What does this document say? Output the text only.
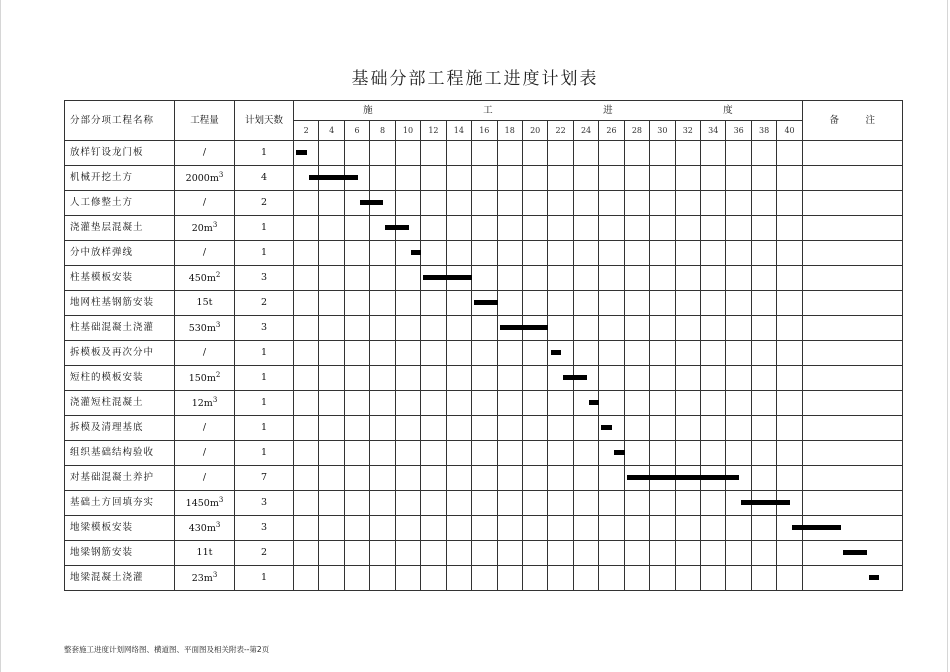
基础分部工程施工进度计划表
分部分项工程名称	工程量	计划天数	施 工 进 度																				备 注
			2	4	6	8	10	12	14	16	18	20	22	24	26	28	30	32	34	36	38	40	
放样钉设龙门板	/	1	

机械开挖土方	$2000m^3$	4	

人工修整土方	/	2	

浇灌垫层混凝土	$20m^3$	1	

分中放样弹线	/	1	

柱基模板安装	$450m^2$	3	

地网柱基钢筋安装	15t	2	

柱基础混凝土浇灌	$530m^3$	3	

拆模板及再次分中	/	1	

短柱的模板安装	$150m^2$	1	

浇灌短柱混凝土	$12m^3$	1	

拆模及清理基底	/	1	

组织基础结构验收	/	1	

对基础混凝土养护	/	7	

基础土方回填夯实	$1450m^3$	3	

地梁模板安装	$430m^3$	3	

地梁钢筋安装	11t	2	

地梁混凝土浇灌	$23m^3$	1	

整套施工进度计划网络图、横道图、平面图及相关附表--第2页
